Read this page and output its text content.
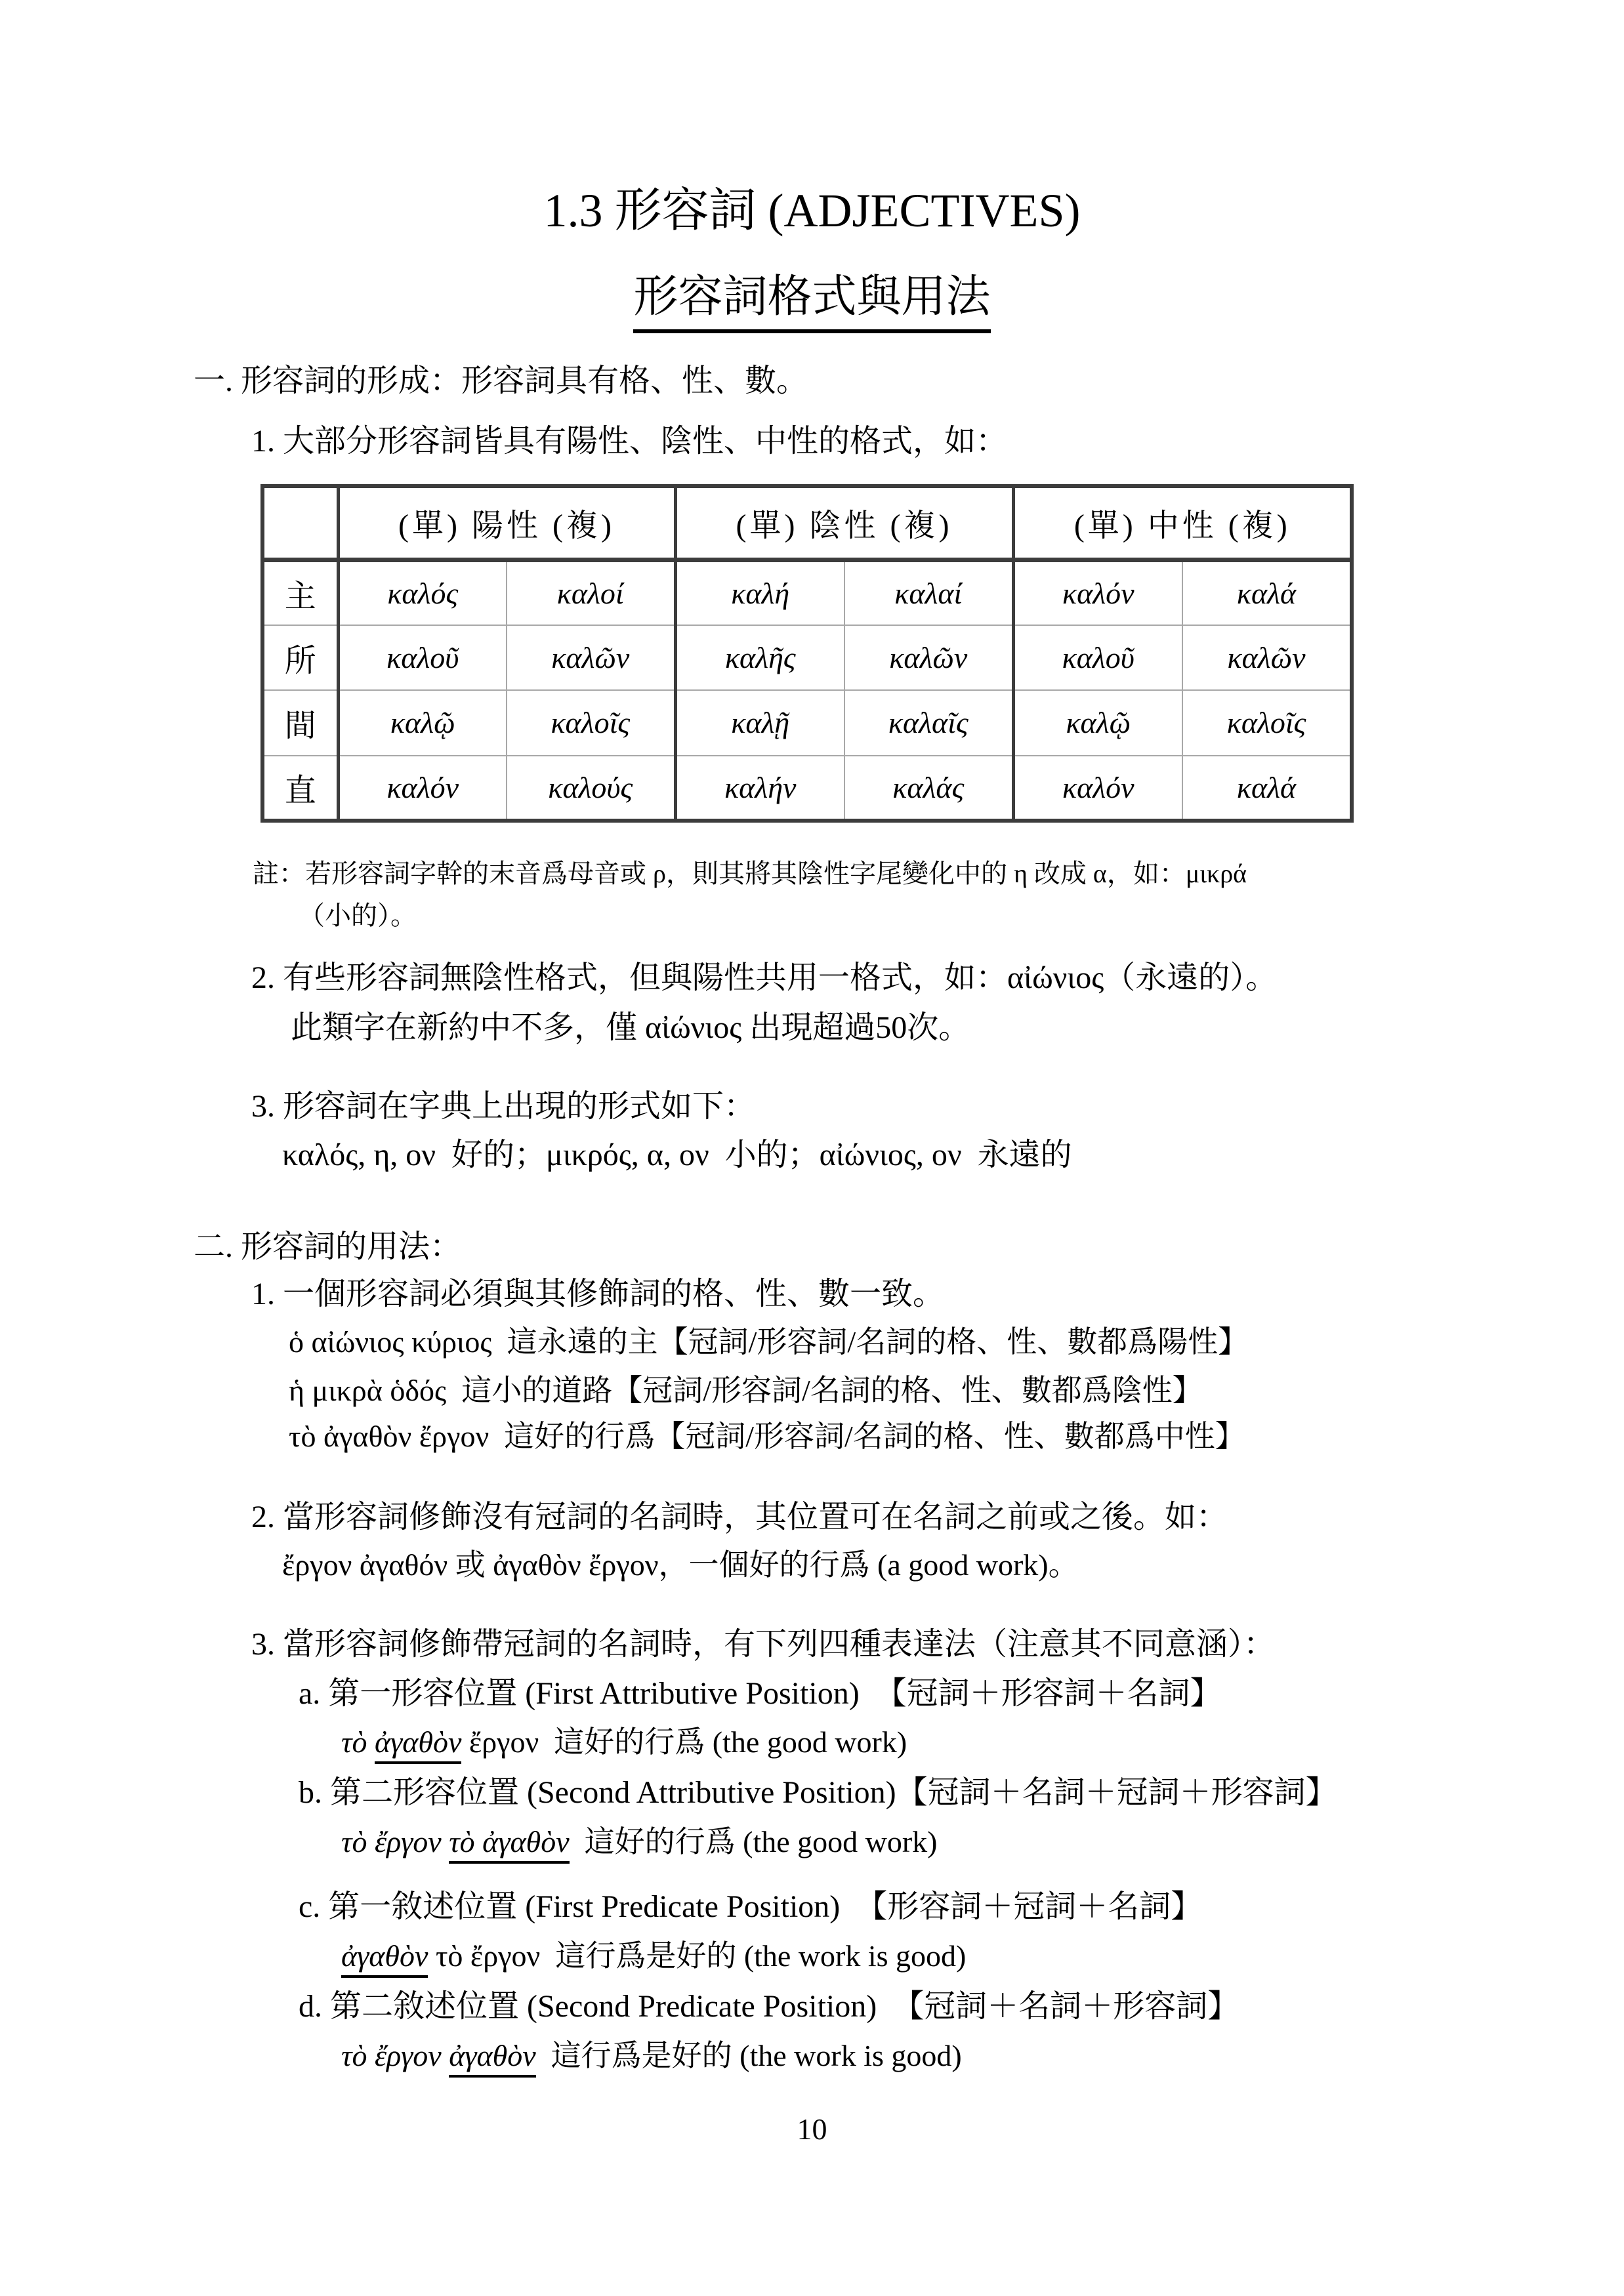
1.3 形容詞 (ADJECTIVES)
形容詞格式與用法
一. 形容詞的形成：形容詞具有格、性、數。
1. 大部分形容詞皆具有陽性、陰性、中性的格式，如：
	(單) 陽性 (複)		(單) 陰性 (複)		(單) 中性 (複)	
主	καλός	καλοί	καλή	καλαί	καλόν	καλά
所	καλοῦ	καλῶν	καλῆς	καλῶν	καλοῦ	καλῶν
間	καλῷ	καλοῖς	καλῇ	καλαῖς	καλῷ	καλοῖς
直	καλόν	καλούς	καλήν	καλάς	καλόν	καλά
註：若形容詞字幹的末音爲母音或 ρ，則其將其陰性字尾變化中的 η 改成 α，如：μικρά
（小的）。
2. 有些形容詞無陰性格式，但與陽性共用一格式，如：αἰώνιος（永遠的）。
此類字在新約中不多，僅 αἰώνιος 出現超過50次。
3. 形容詞在字典上出現的形式如下：
καλός, η, ον  好的；μικρός, α, ον  小的；αἰώνιος, ον  永遠的
二. 形容詞的用法：
1. 一個形容詞必須與其修飾詞的格、性、數一致。
ὁ αἰώνιος κύριος  這永遠的主【冠詞/形容詞/名詞的格、性、數都爲陽性】
ἡ μικρὰ ὁδός  這小的道路【冠詞/形容詞/名詞的格、性、數都爲陰性】
τὸ ἀγαθὸν ἔργον  這好的行爲【冠詞/形容詞/名詞的格、性、數都爲中性】
2. 當形容詞修飾沒有冠詞的名詞時，其位置可在名詞之前或之後。如：
ἔργον ἀγαθόν 或 ἀγαθὸν ἔργον，一個好的行爲 (a good work)。
3. 當形容詞修飾帶冠詞的名詞時，有下列四種表達法（注意其不同意涵）：
a. 第一形容位置 (First Attributive Position)  【冠詞＋形容詞＋名詞】
τὸ ἀγαθὸν ἔργον  這好的行爲 (the good work)
b. 第二形容位置 (Second Attributive Position)【冠詞＋名詞＋冠詞＋形容詞】
τὸ ἔργον τὸ ἀγαθὸν  這好的行爲 (the good work)
c. 第一敘述位置 (First Predicate Position)  【形容詞＋冠詞＋名詞】
ἀγαθὸν τὸ ἔργον  這行爲是好的 (the work is good)
d. 第二敘述位置 (Second Predicate Position)  【冠詞＋名詞＋形容詞】
τὸ ἔργον ἀγαθὸν  這行爲是好的 (the work is good)
10
